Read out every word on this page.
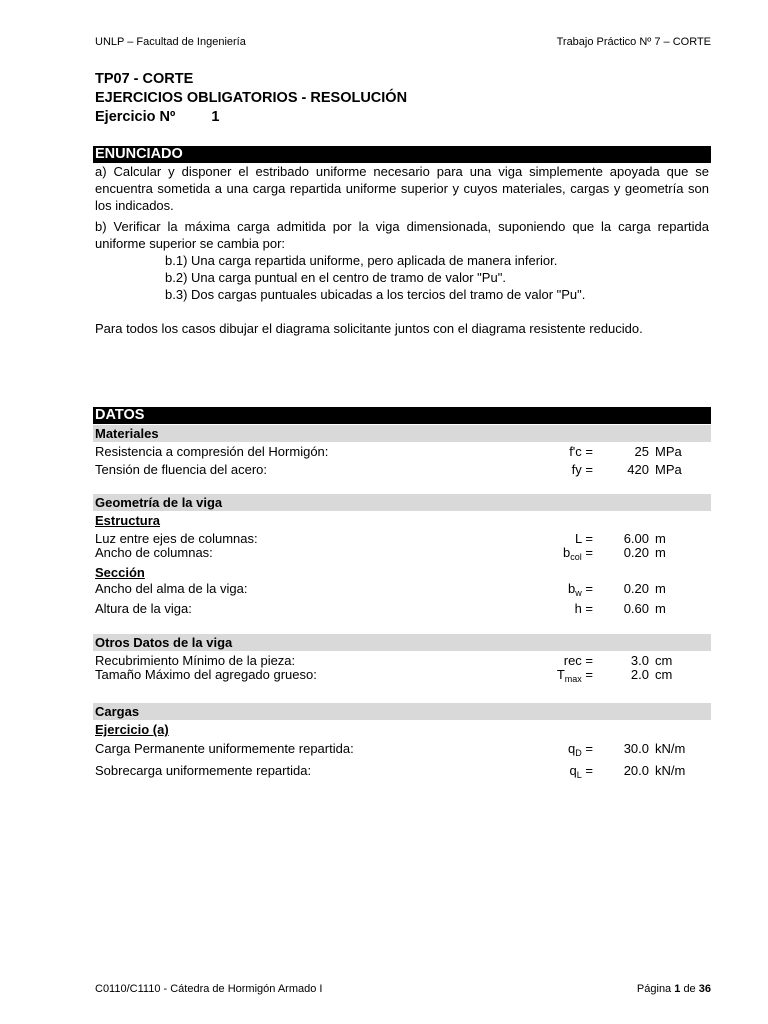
UNLP – Facultad de Ingeniería	Trabajo Práctico Nº 7 – CORTE
TP07 - CORTE
EJERCICIOS OBLIGATORIOS - RESOLUCIÓN
Ejercicio Nº 1
ENUNCIADO
a) Calcular y disponer el estribado uniforme necesario para una viga simplemente apoyada que se encuentra sometida a una carga repartida uniforme superior y cuyos materiales, cargas y geometría son los indicados.
b) Verificar la máxima carga admitida por la viga dimensionada, suponiendo que la carga repartida uniforme superior se cambia por:
b.1) Una carga repartida uniforme, pero aplicada de manera inferior.
b.2) Una carga puntual en el centro de tramo de valor "Pu".
b.3) Dos cargas puntuales ubicadas a los tercios del tramo de valor "Pu".
Para todos los casos dibujar el diagrama solicitante juntos con el diagrama resistente reducido.
DATOS
Materiales
Resistencia a compresión del Hormigón:	f'c =	25 MPa
Tensión de fluencia del acero:	fy =	420 MPa
Geometría de la viga
Estructura
Luz entre ejes de columnas:	L = 6.00 m
Ancho de columnas:	$b_{col} = 0.20$ m
Sección
Ancho del alma de la viga:	$b_w = 0.20$ m
Altura de la viga:	h = 0.60 m
Otros Datos de la viga
Recubrimiento Mínimo de la pieza:	rec =	3.0 cm
Tamaño Máximo del agregado grueso:	$T_{max}$ =	2.0 cm
Cargas
Ejercicio (a)
Carga Permanente uniformemente repartida:	$q_D = 30.0$ kN/m
Sobrecarga uniformemente repartida:	$q_L = 20.0$ kN/m
C0110/C1110 - Cátedra de Hormigón Armado I	Página 1 de 36
